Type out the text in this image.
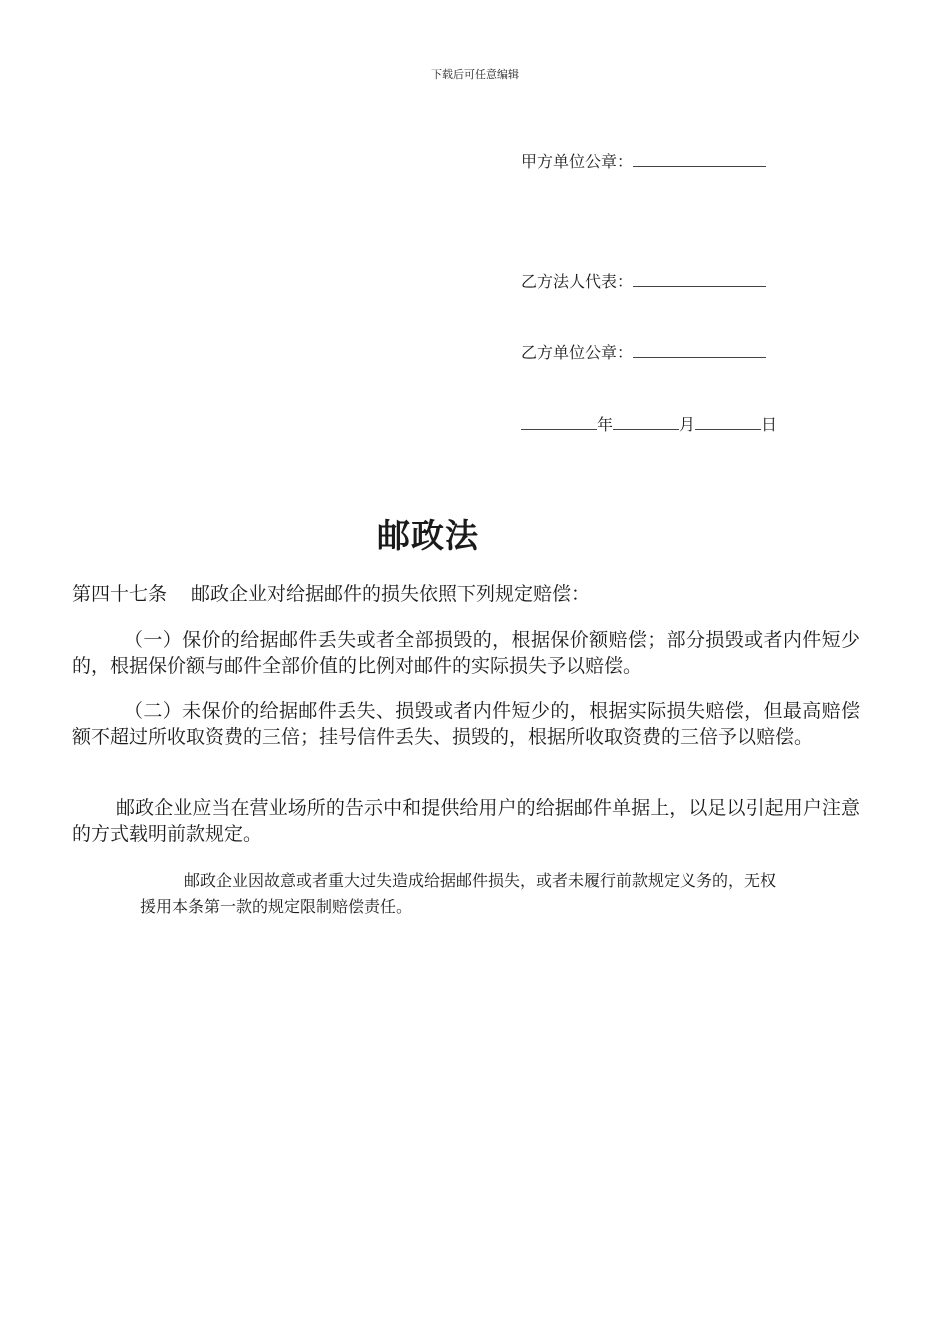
下载后可任意编辑
甲方单位公章：
乙方法人代表：
乙方单位公章：
年	月	日
邮政法
第四十七条 邮政企业对给据邮件的损失依照下列规定赔偿：
（一）保价的给据邮件丢失或者全部损毁的，根据保价额赔偿；部分损毁或者内件短少的，根据保价额与邮件全部价值的比例对邮件的实际损失予以赔偿。
（二）未保价的给据邮件丢失、损毁或者内件短少的，根据实际损失赔偿，但最高赔偿额不超过所收取资费的三倍；挂号信件丢失、损毁的，根据所收取资费的三倍予以赔偿。
邮政企业应当在营业场所的告示中和提供给用户的给据邮件单据上，以足以引起用户注意的方式载明前款规定。
邮政企业因故意或者重大过失造成给据邮件损失，或者未履行前款规定义务的，无权援用本条第一款的规定限制赔偿责任。
